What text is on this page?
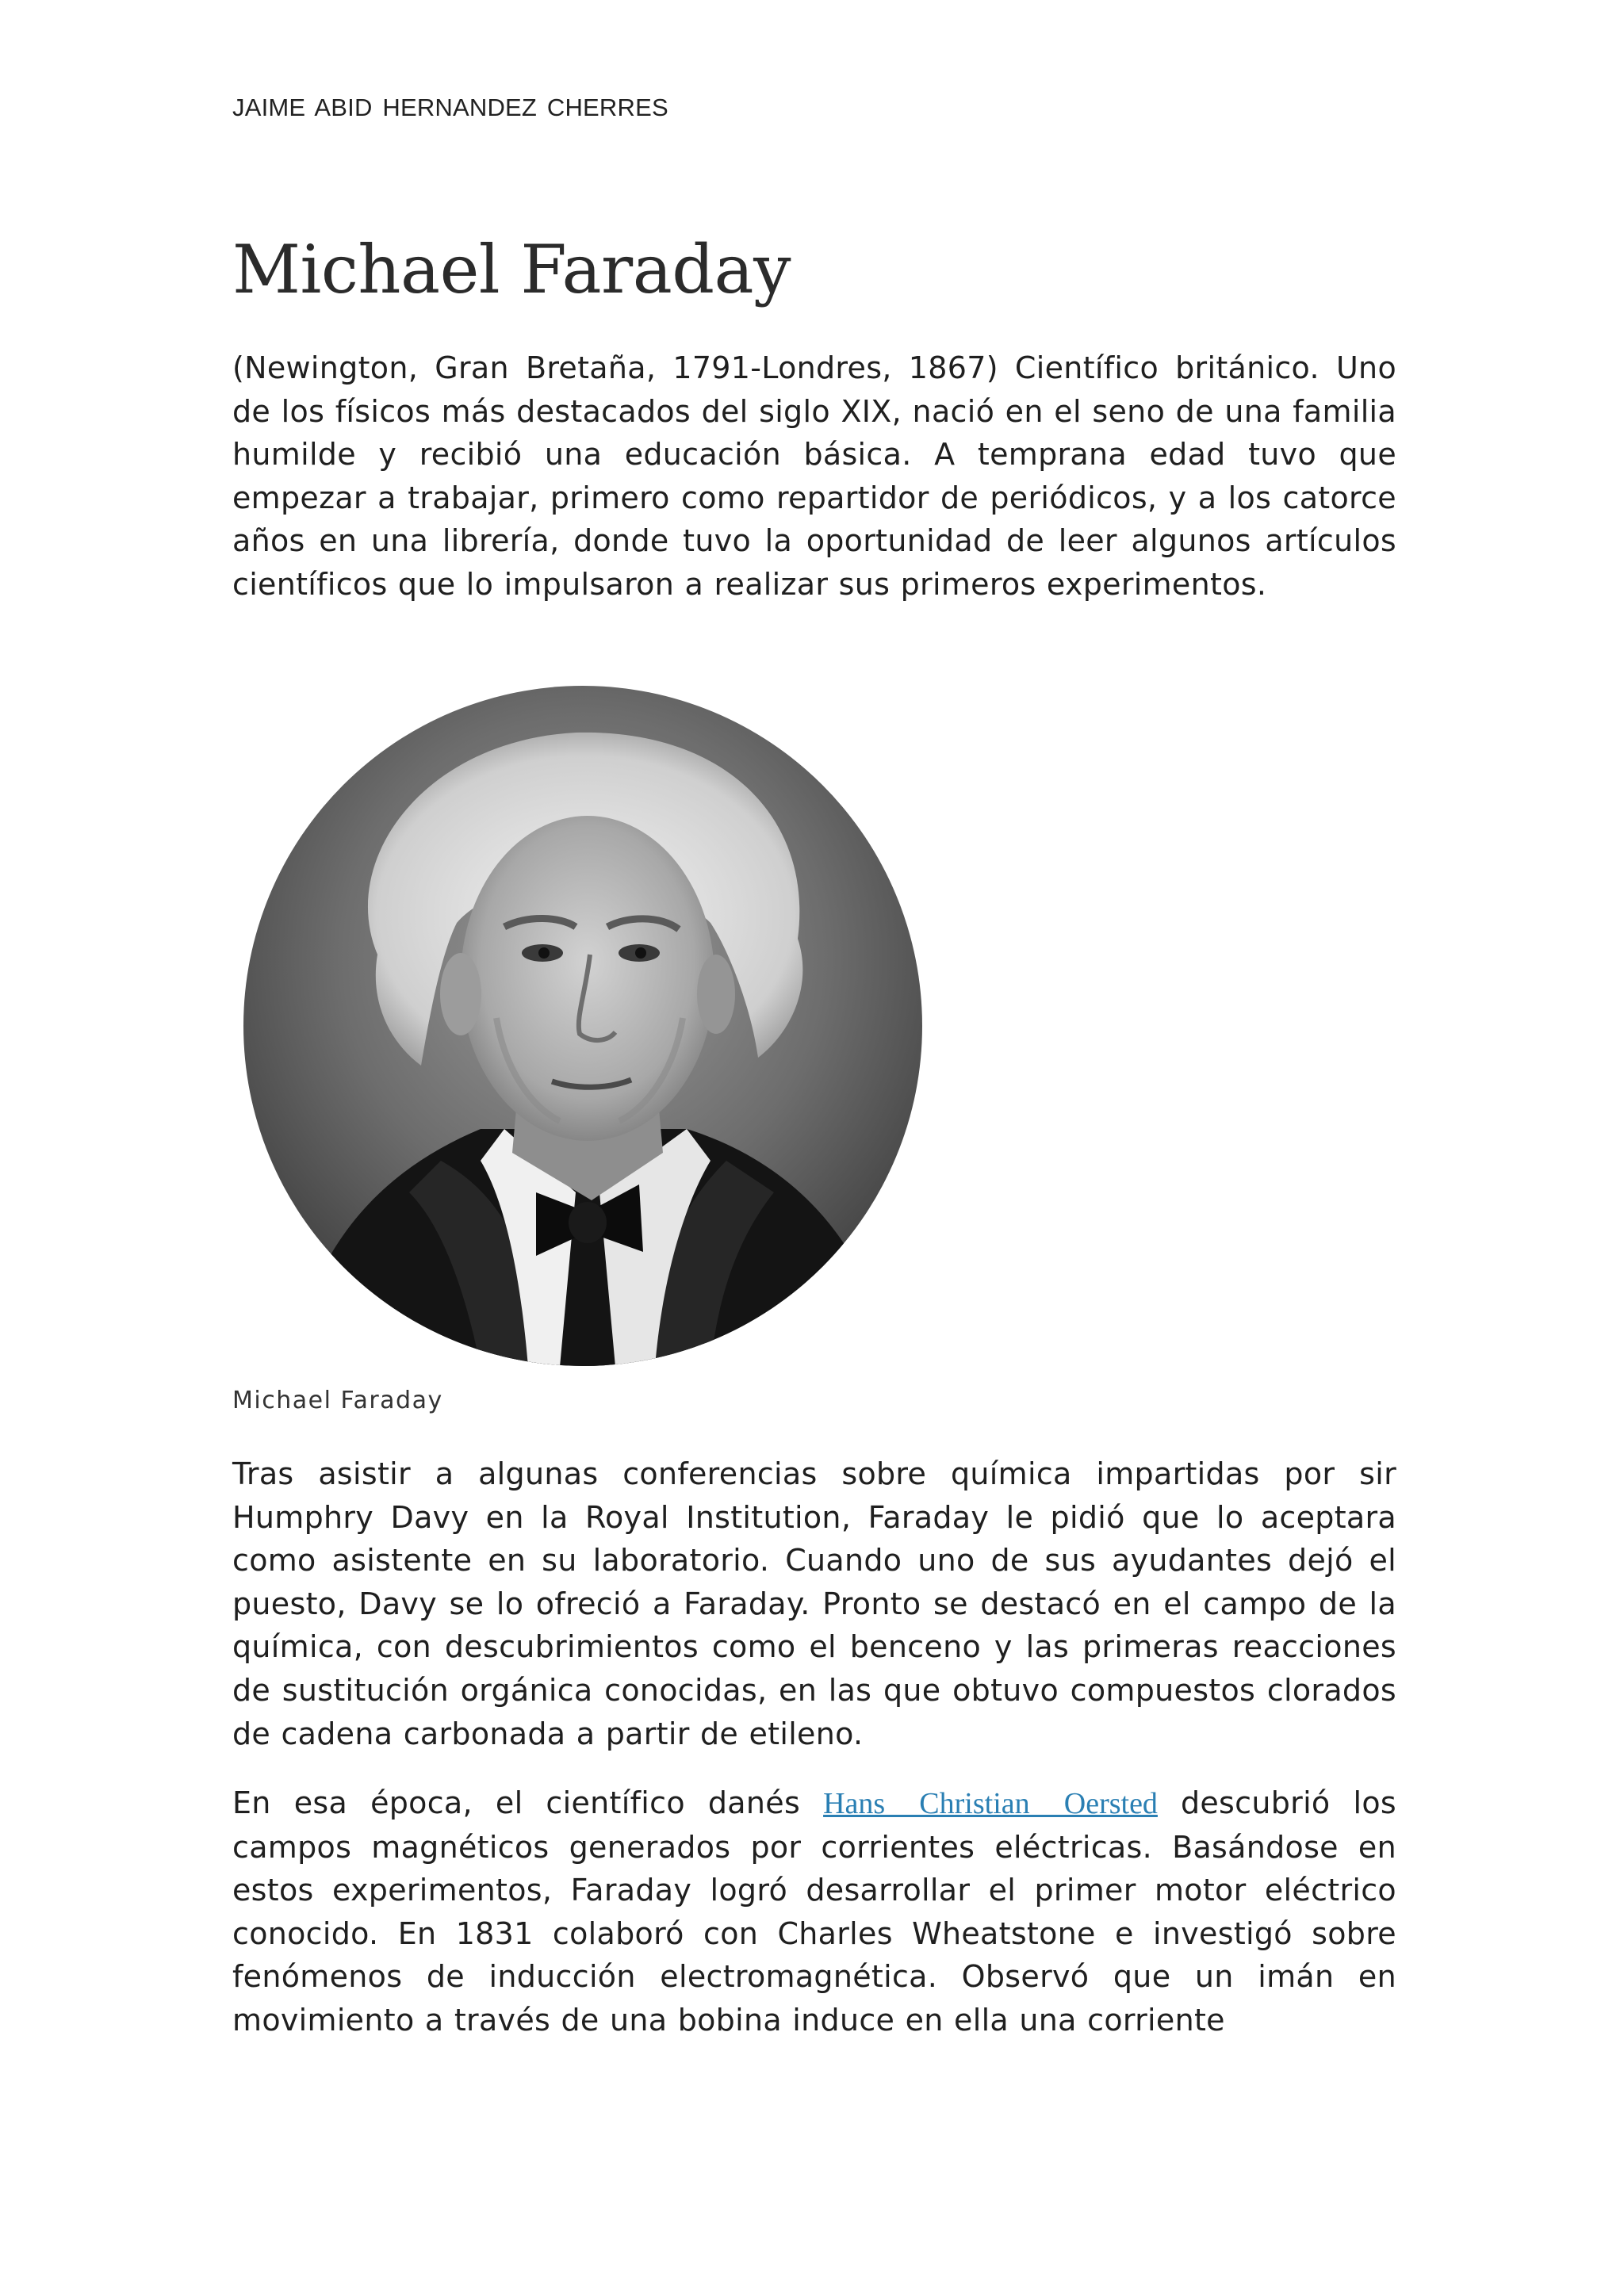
JAIME ABID HERNANDEZ CHERRES
Michael Faraday

(Newington, Gran Bretaña, 1791-Londres, 1867) Científico británico. Uno de los físicos más destacados del siglo XIX, nació en el seno de una familia humilde y recibió una educación básica. A temprana edad tuvo que empezar a trabajar, primero como repartidor de periódicos, y a los catorce años en una librería, donde tuvo la oportunidad de leer algunos artículos científicos que lo impulsaron a realizar sus primeros experimentos.

Michael Faraday

Tras asistir a algunas conferencias sobre química impartidas por sir Humphry Davy en la Royal Institution, Faraday le pidió que lo aceptara como asistente en su laboratorio. Cuando uno de sus ayudantes dejó el puesto, Davy se lo ofreció a Faraday. Pronto se destacó en el campo de la química, con descubrimientos como el benceno y las primeras reacciones de sustitución orgánica conocidas, en las que obtuvo compuestos clorados de cadena carbonada a partir de etileno.

En esa época, el científico danés Hans Christian Oersted descubrió los campos magnéticos generados por corrientes eléctricas. Basándose en estos experimentos, Faraday logró desarrollar el primer motor eléctrico conocido. En 1831 colaboró con Charles Wheatstone e investigó sobre fenómenos de inducción electromagnética. Observó que un imán en movimiento a través de una bobina induce en ella una corriente
